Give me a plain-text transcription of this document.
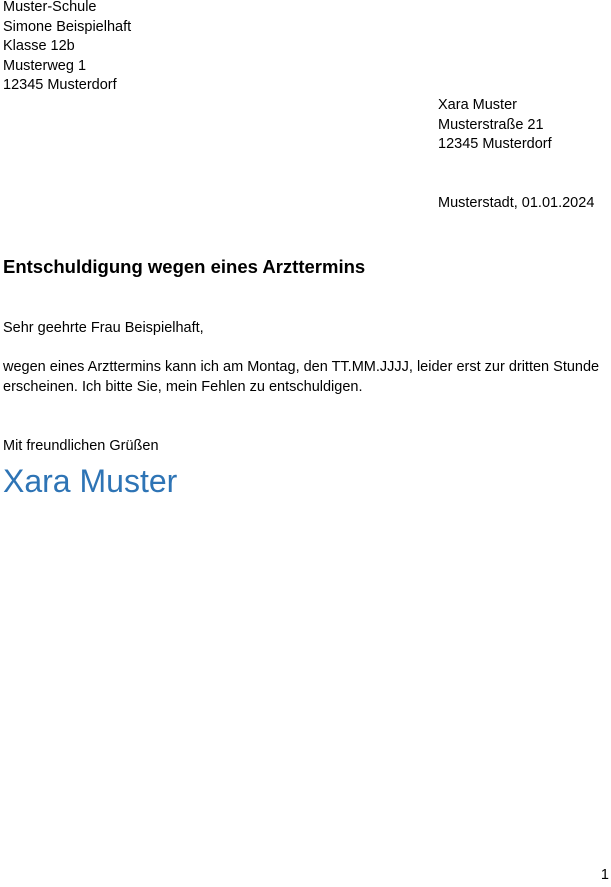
Muster-Schule
Simone Beispielhaft
Klasse 12b
Musterweg 1
12345 Musterdorf
Xara Muster
Musterstraße 21
12345 Musterdorf
Musterstadt, 01.01.2024
Entschuldigung wegen eines Arzttermins
Sehr geehrte Frau Beispielhaft,
wegen eines Arzttermins kann ich am Montag, den TT.MM.JJJJ, leider erst zur dritten Stunde erscheinen. Ich bitte Sie, mein Fehlen zu entschuldigen.
Mit freundlichen Grüßen
Xara Muster
1
